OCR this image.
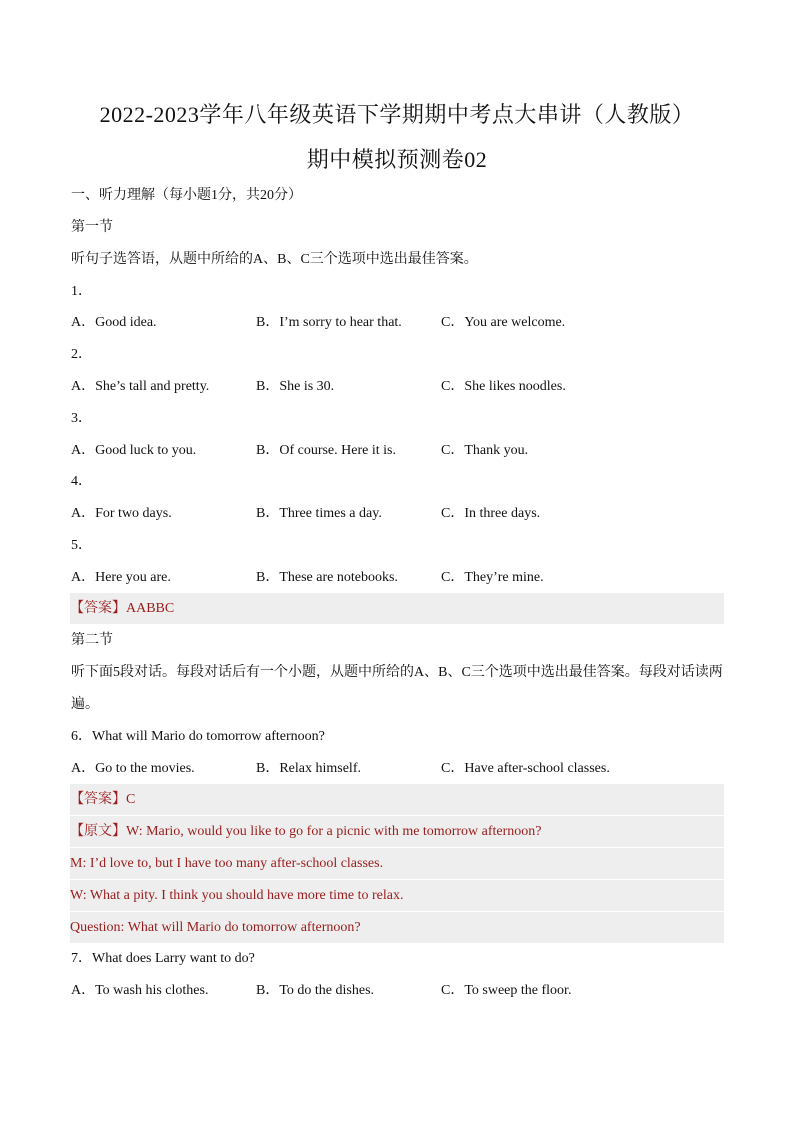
2022-2023学年八年级英语下学期期中考点大串讲（人教版）
期中模拟预测卷02
一、听力理解（每小题1分，共20分）
第一节
听句子选答语，从题中所给的A、B、C三个选项中选出最佳答案。
1．
A．Good idea.	B．I’m sorry to hear that.	C．You are welcome.
2．
A．She’s tall and pretty.	B．She is 30.	C．She likes noodles.
3．
A．Good luck to you.	B．Of course. Here it is.	C．Thank you.
4．
A．For two days.	B．Three times a day.	C．In three days.
5．
A．Here you are.	B．These are notebooks.	C．They’re mine.
【答案】AABBC
第二节
听下面5段对话。每段对话后有一个小题，从题中所给的A、B、C三个选项中选出最佳答案。每段对话读两遍。
6．What will Mario do tomorrow afternoon?
A．Go to the movies.	B．Relax himself.	C．Have after-school classes.
【答案】C
【原文】W: Mario, would you like to go for a picnic with me tomorrow afternoon?
M: I’d love to, but I have too many after-school classes.
W: What a pity. I think you should have more time to relax.
Question: What will Mario do tomorrow afternoon?
7．What does Larry want to do?
A．To wash his clothes.	B．To do the dishes.	C．To sweep the floor.
